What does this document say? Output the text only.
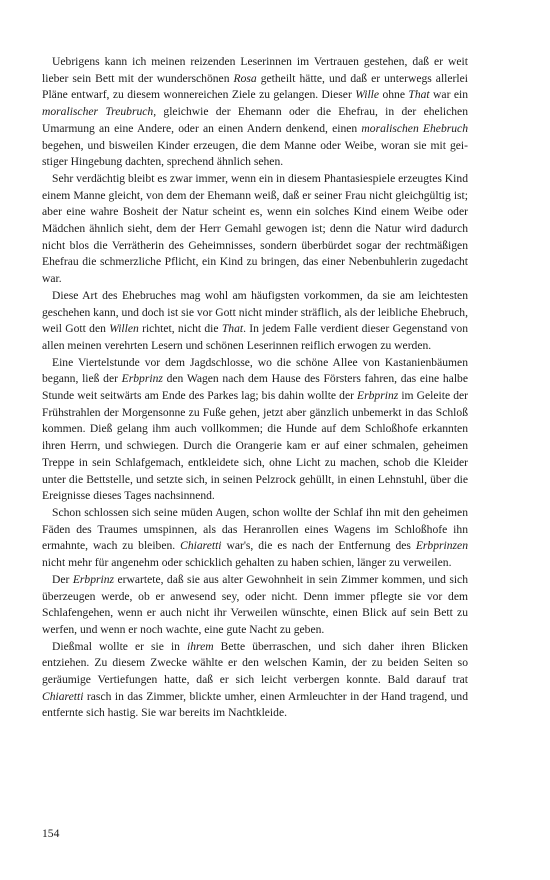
Uebrigens kann ich meinen reizenden Leserinnen im Vertrauen gestehen, daß er weit lieber sein Bett mit der wunderschönen Rosa getheilt hätte, und daß er unterwegs allerlei Pläne entwarf, zu diesem wonnereichen Ziele zu gelangen. Dieser Wille ohne That war ein moralischer Treubruch, gleichwie der Ehemann oder die Ehefrau, in der ehelichen Umarmung an eine Andere, oder an einen Andern denkend, einen moralischen Ehebruch begehen, und bisweilen Kinder erzeugen, die dem Manne oder Weibe, woran sie mit geistiger Hingebung dachten, sprechend ähnlich sehen.

Sehr verdächtig bleibt es zwar immer, wenn ein in diesem Phantasiespiele erzeugtes Kind einem Manne gleicht, von dem der Ehemann weiß, daß er seiner Frau nicht gleichgültig ist; aber eine wahre Bosheit der Natur scheint es, wenn ein solches Kind einem Weibe oder Mädchen ähnlich sieht, dem der Herr Gemahl gewogen ist; denn die Natur wird dadurch nicht blos die Verrätherin des Geheimnisses, sondern überbürdet sogar der rechtmäßigen Ehefrau die schmerzliche Pflicht, ein Kind zu bringen, das einer Nebenbuhlerin zugedacht war.

Diese Art des Ehebruches mag wohl am häufigsten vorkommen, da sie am leichtesten geschehen kann, und doch ist sie vor Gott nicht minder sträflich, als der leibliche Ehebruch, weil Gott den Willen richtet, nicht die That. In jedem Falle verdient dieser Gegenstand von allen meinen verehrten Lesern und schönen Leserinnen reiflich erwogen zu werden.

Eine Viertelstunde vor dem Jagdschlosse, wo die schöne Allee von Kastanienbäumen begann, ließ der Erbprinz den Wagen nach dem Hause des Försters fahren, das eine halbe Stunde weit seitwärts am Ende des Parkes lag; bis dahin wollte der Erbprinz im Geleite der Frühstrahlen der Morgensonne zu Fuße gehen, jetzt aber gänzlich unbemerkt in das Schloß kommen. Dieß gelang ihm auch vollkommen; die Hunde auf dem Schloßhofe erkannten ihren Herrn, und schwiegen. Durch die Orangerie kam er auf einer schmalen, geheimen Treppe in sein Schlafgemach, entkleidete sich, ohne Licht zu machen, schob die Kleider unter die Bettstelle, und setzte sich, in seinen Pelzrock gehüllt, in einen Lehnstuhl, über die Ereignisse dieses Tages nachsinnend.

Schon schlossen sich seine müden Augen, schon wollte der Schlaf ihn mit den geheimen Fäden des Traumes umspinnen, als das Heranrollen eines Wagens im Schloßhofe ihn ermahnte, wach zu bleiben. Chiaretti war's, die es nach der Entfernung des Erbprinzen nicht mehr für angenehm oder schicklich gehalten zu haben schien, länger zu verweilen.

Der Erbprinz erwartete, daß sie aus alter Gewohnheit in sein Zimmer kommen, und sich überzeugen werde, ob er anwesend sey, oder nicht. Denn immer pflegte sie vor dem Schlafengehen, wenn er auch nicht ihr Verweilen wünschte, einen Blick auf sein Bett zu werfen, und wenn er noch wachte, eine gute Nacht zu geben.

Dießmal wollte er sie in ihrem Bette überraschen, und sich daher ihren Blicken entziehen. Zu diesem Zwecke wählte er den welschen Kamin, der zu beiden Seiten so geräumige Vertiefungen hatte, daß er sich leicht verbergen konnte. Bald darauf trat Chiaretti rasch in das Zimmer, blickte umher, einen Armleuchter in der Hand tragend, und entfernte sich hastig. Sie war bereits im Nachtkleide.

154
